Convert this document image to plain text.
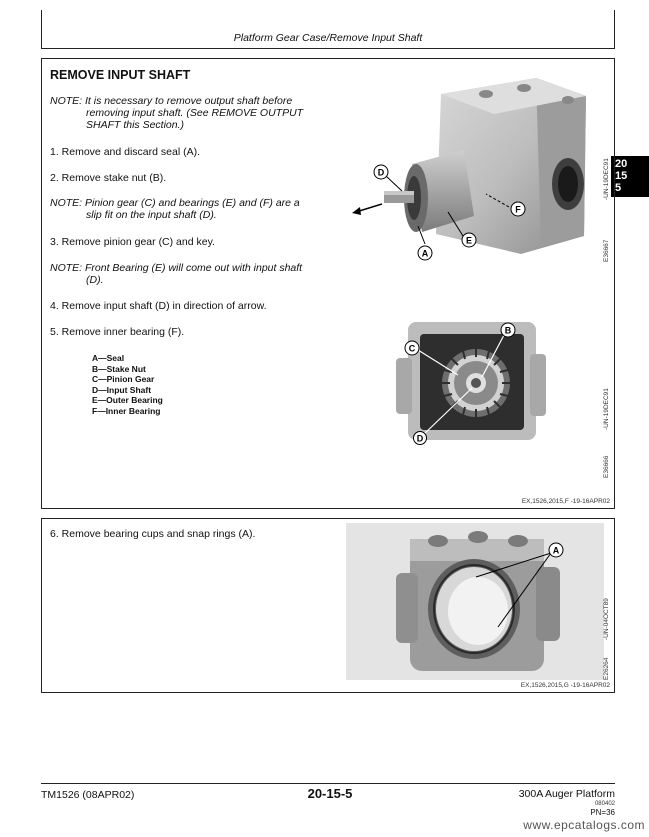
Platform Gear Case/Remove Input Shaft
20
15
5
REMOVE INPUT SHAFT
NOTE: It is necessary to remove output shaft before
removing input shaft. (See REMOVE OUTPUT
SHAFT this Section.)
1. Remove and discard seal (A).
2. Remove stake nut (B).
NOTE: Pinion gear (C) and bearings (E) and (F) are a
slip fit on the input shaft (D).
3. Remove pinion gear (C) and key.
NOTE: Front Bearing (E) will come out with input shaft
(D).
4. Remove input shaft (D) in direction of arrow.
5. Remove inner bearing (F).
A—Seal
B—Stake Nut
C—Pinion Gear
D—Input Shaft
E—Outer Bearing
F—Inner Bearing
D
F
E
A
-UN-19DEC91
E36667
B
C
D
-UN-19DEC91
E36666
EX,1526,2015,F -19-16APR02
6. Remove bearing cups and snap rings (A).
A
-UN-04OCT89
E26264
EX,1526,2015,G -19-16APR02
TM1526 (08APR02)	20-15-5	300A Auger Platform
080402
PN=36
www.epcatalogs.com
